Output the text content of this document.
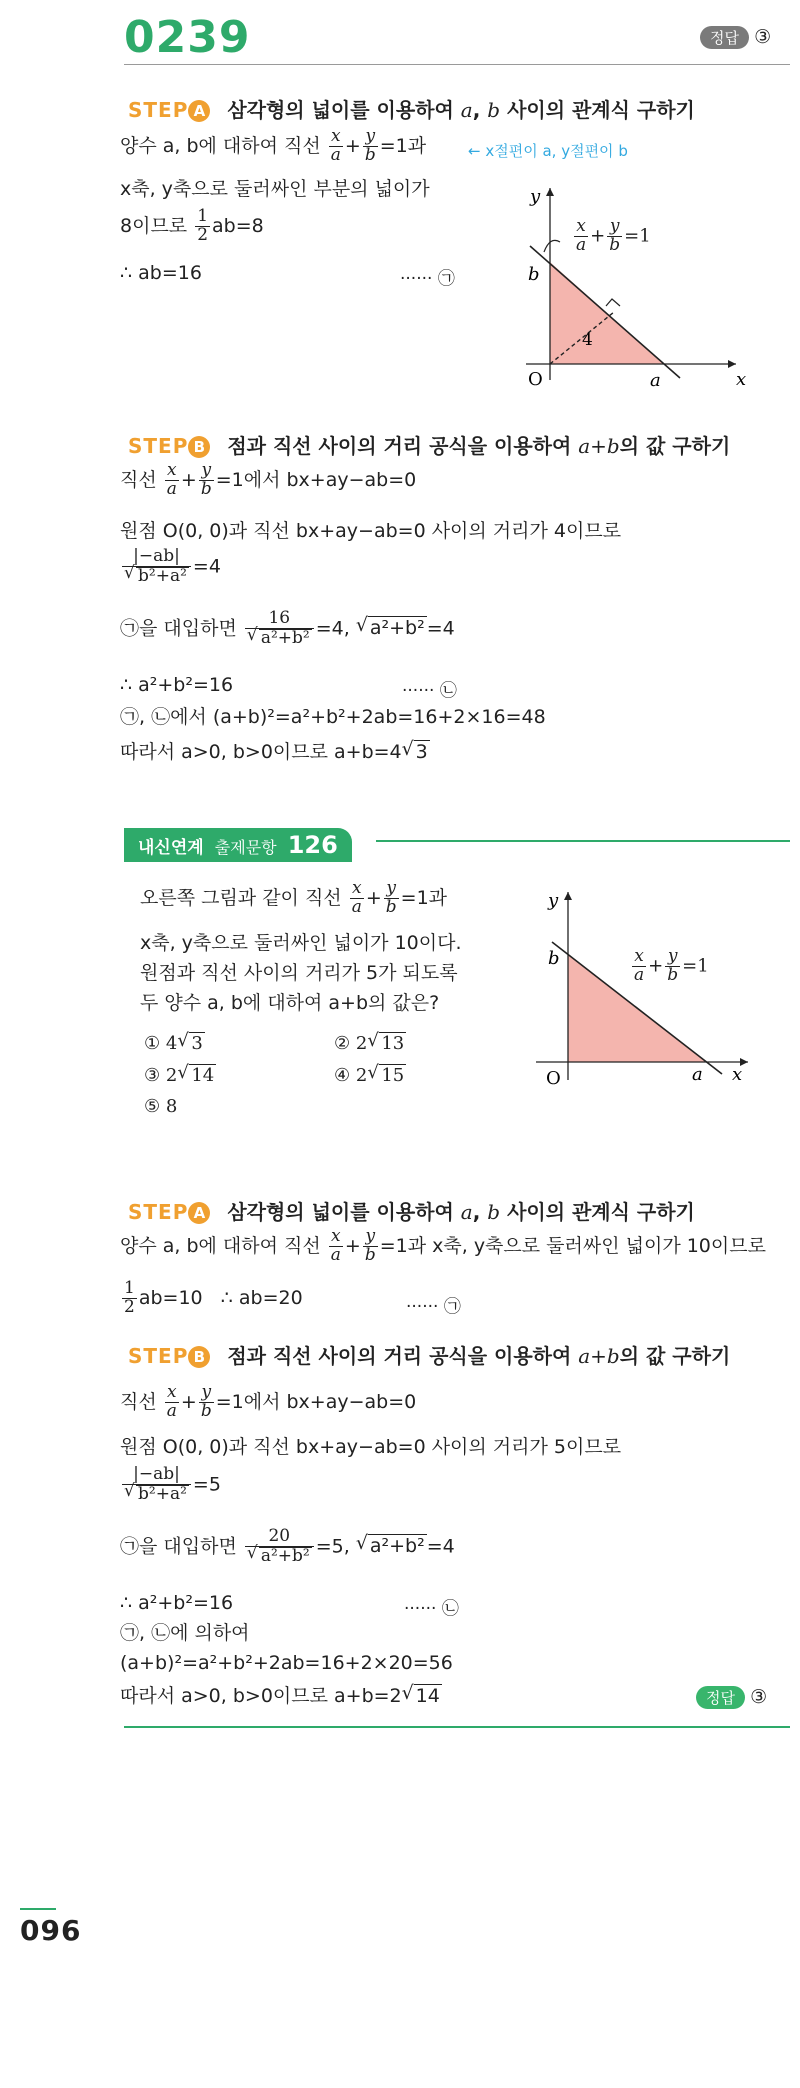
0239	정답 ③
STEP A 삼각형의 넓이를 이용하여 a, b 사이의 관계식 구하기
양수 a, b에 대하여 직선 $\frac{x}{a} + \frac{y}{b} =1$과	← x절편이 a, y절편이 b
x축, y축으로 둘러싸인 부분의 넓이가
8이므로 $\frac{1}{2} ab=8$
∴ ab=16	······ ㉠
4
y
x
O	a
b
$\frac{x}{a} + \frac{y}{b} =1$
STEP B 점과 직선 사이의 거리 공식을 이용하여 a+b의 값 구하기
직선 $\frac{x}{a} + \frac{y}{b} =1$에서 bx+ay−ab=0
원점 O(0, 0)과 직선 bx+ay−ab=0 사이의 거리가 4이므로
|−ab|
√ b²+a² =4
㉠을 대입하면 16
√ a²+b² =4, √ a²+b² =4
∴ a²+b²=16	······ ㉡
㉠, ㉡에서 (a+b)²=a²+b²+2ab=16+2×16=48
따라서 a>0, b>0이므로 a+b=4 √ 3
내신연계 출제문항 126
오른쪽 그림과 같이 직선 $\frac{x}{a} + \frac{y}{b} =1$과
x축, y축으로 둘러싸인 넓이가 10이다.
원점과 직선 사이의 거리가 5가 되도록
두 양수 a, b에 대하여 a+b의 값은?
① 4 √ 3	② 2 √ 13
③ 2 √ 14	④ 2 √ 15
⑤ 8
y
x
O	a
b	$\frac{x}{a} + \frac{y}{b} =1$
STEP A 삼각형의 넓이를 이용하여 a, b 사이의 관계식 구하기
양수 a, b에 대하여 직선 $\frac{x}{a} + \frac{y}{b} =1$과 x축, y축으로 둘러싸인 넓이가 10이므로
$\frac{1}{2} ab=10$   ∴ ab=20	······ ㉠
STEP B 점과 직선 사이의 거리 공식을 이용하여 a+b의 값 구하기
직선 $\frac{x}{a} + \frac{y}{b} =1$에서 bx+ay−ab=0
원점 O(0, 0)과 직선 bx+ay−ab=0 사이의 거리가 5이므로
|−ab|
√ b²+a² =5
㉠을 대입하면 20
√ a²+b² =5, √ a²+b² =4
∴ a²+b²=16	······ ㉡
㉠, ㉡에 의하여
(a+b)²=a²+b²+2ab=16+2×20=56
따라서 a>0, b>0이므로 a+b=2 √ 14	정답 ③
096
